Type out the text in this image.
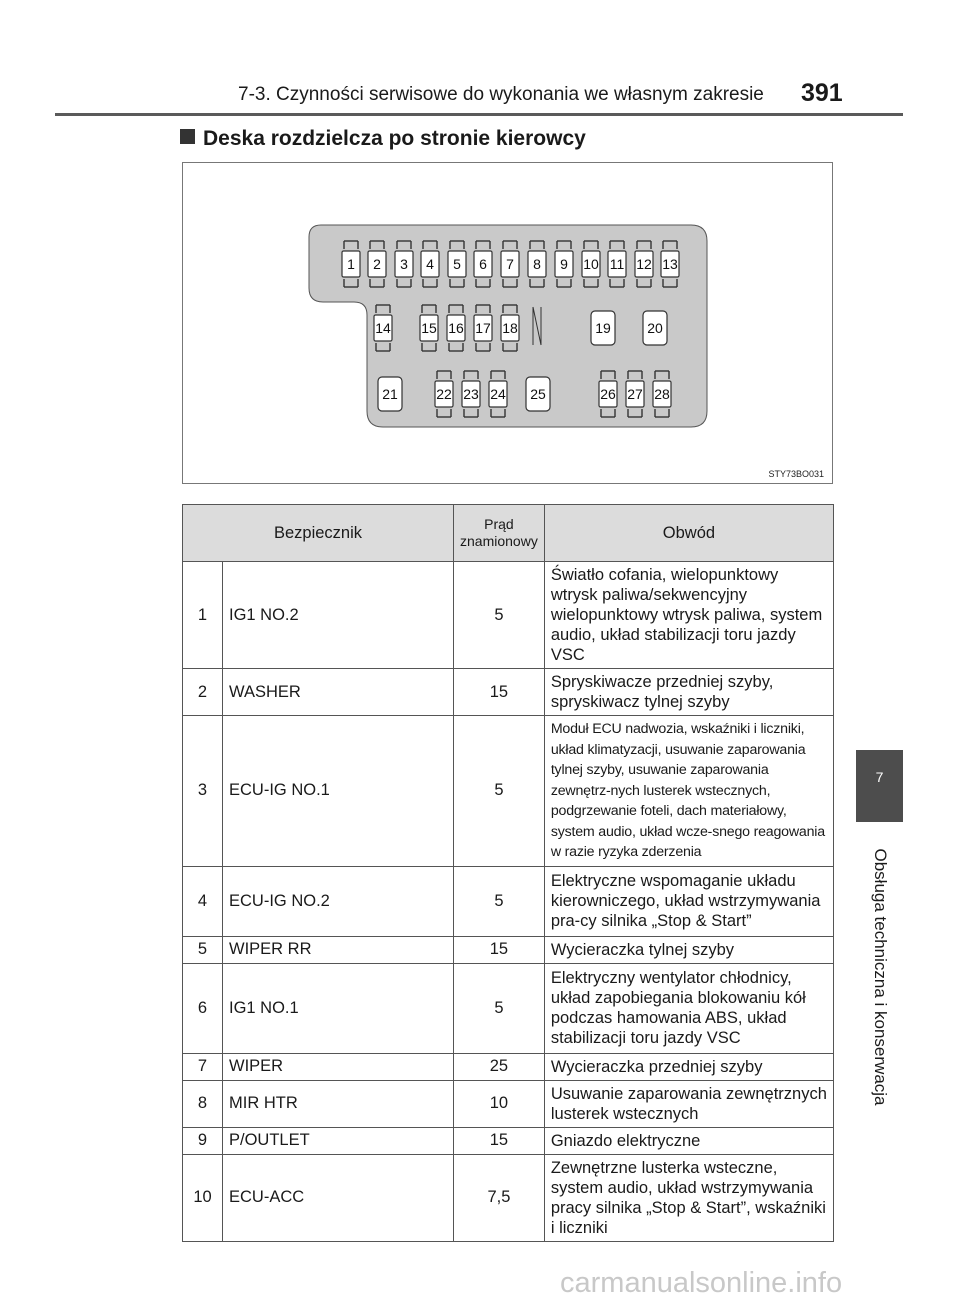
7-3. Czynności serwisowe do wykonania we własnym zakresie 391
Deska rozdzielcza po stronie kierowcy
1 2 3 4 5 6 7 8 9 10 11 12 13
14 15 16 17 18	19	20
21	22 23 24 25	26 27 28
STY73BO031
Bezpiecznik		Prąd znamionowy	Obwód
1	IG1 NO.2	5	Światło cofania, wielopunktowy wtrysk paliwa/sekwencyjny wielopunktowy wtrysk paliwa, system audio, układ stabilizacji toru jazdy VSC
2	WASHER	15	Spryskiwacze przedniej szyby, spryskiwacz tylnej szyby
3	ECU-IG NO.1	5	Moduł ECU nadwozia, wskaźniki i liczniki, układ klimatyzacji, usuwanie zaparowania tylnej szyby, usuwanie zaparowania zewnętrz-nych lusterek wstecznych, podgrzewanie foteli, dach materiałowy, system audio, układ wcze-snego reagowania w razie ryzyka zderzenia
4	ECU-IG NO.2	5	Elektryczne wspomaganie układu kierowniczego, układ wstrzymywania pra-cy silnika „Stop & Start”
5	WIPER RR	15	Wycieraczka tylnej szyby
6	IG1 NO.1	5	Elektryczny wentylator chłodnicy, układ zapobiegania blokowaniu kół podczas hamowania ABS, układ stabilizacji toru jazdy VSC
7	WIPER	25	Wycieraczka przedniej szyby
8	MIR HTR	10	Usuwanie zaparowania zewnętrznych lusterek wstecznych
9	P/OUTLET	15	Gniazdo elektryczne
10	ECU-ACC	7,5	Zewnętrzne lusterka wsteczne, system audio, układ wstrzymywania pracy silnika „Stop & Start”, wskaźniki i liczniki
7
Obsługa techniczna i konserwacja
carmanualsonline.info
